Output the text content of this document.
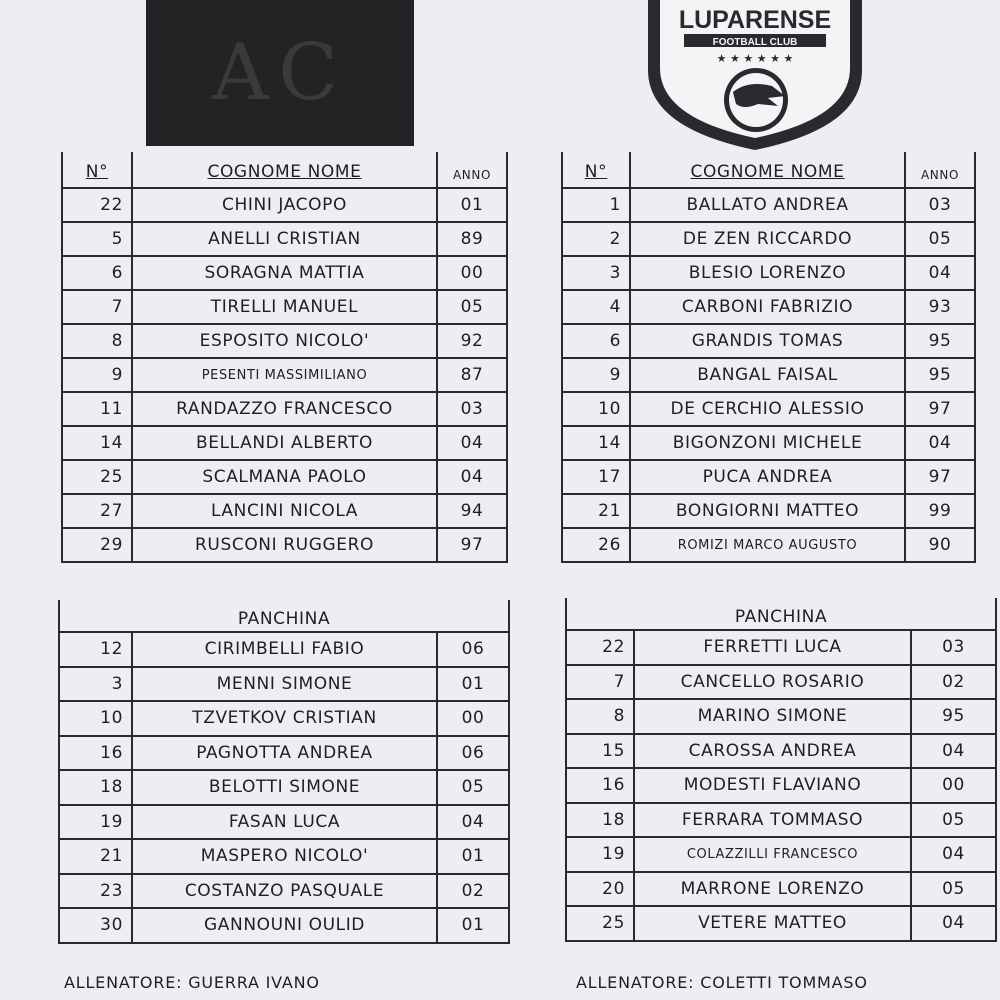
AC
LUPARENSE
FOOTBALL CLUB
★ ★ ★ ★ ★ ★
N°	COGNOME NOME	ANNO
22	CHINI JACOPO	01
5	ANELLI CRISTIAN	89
6	SORAGNA MATTIA	00
7	TIRELLI MANUEL	05
8	ESPOSITO NICOLO'	92
9	PESENTI MASSIMILIANO	87
11	RANDAZZO FRANCESCO	03
14	BELLANDI ALBERTO	04
25	SCALMANA PAOLO	04
27	LANCINI NICOLA	94
29	RUSCONI RUGGERO	97
N°	COGNOME NOME	ANNO
1	BALLATO ANDREA	03
2	DE ZEN RICCARDO	05
3	BLESIO LORENZO	04
4	CARBONI FABRIZIO	93
6	GRANDIS TOMAS	95
9	BANGAL FAISAL	95
10	DE CERCHIO ALESSIO	97
14	BIGONZONI MICHELE	04
17	PUCA ANDREA	97
21	BONGIORNI MATTEO	99
26	ROMIZI MARCO AUGUSTO	90
PANCHINA		
12	CIRIMBELLI FABIO	06
3	MENNI SIMONE	01
10	TZVETKOV CRISTIAN	00
16	PAGNOTTA ANDREA	06
18	BELOTTI SIMONE	05
19	FASAN LUCA	04
21	MASPERO NICOLO'	01
23	COSTANZO PASQUALE	02
30	GANNOUNI OULID	01
PANCHINA		
22	FERRETTI LUCA	03
7	CANCELLO ROSARIO	02
8	MARINO SIMONE	95
15	CAROSSA ANDREA	04
16	MODESTI FLAVIANO	00
18	FERRARA TOMMASO	05
19	COLAZZILLI FRANCESCO	04
20	MARRONE LORENZO	05
25	VETERE MATTEO	04
ALLENATORE: GUERRA IVANO	ALLENATORE: COLETTI TOMMASO
